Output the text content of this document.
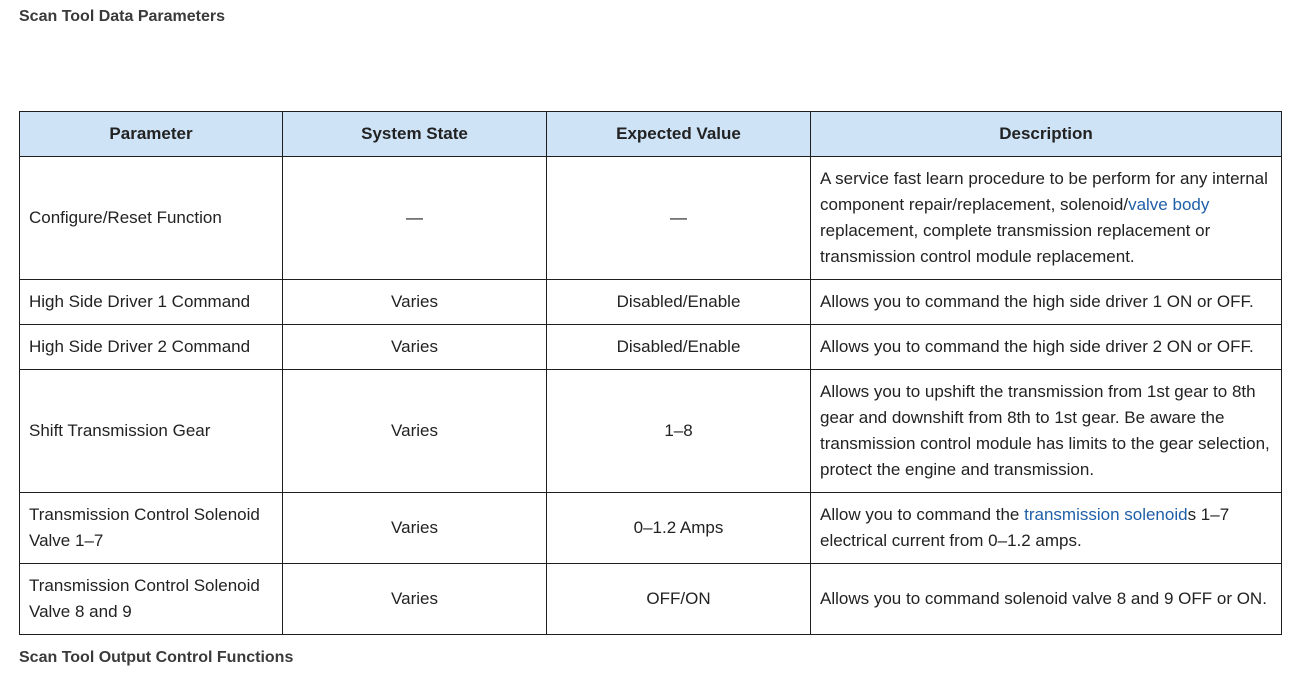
Scan Tool Data Parameters
Parameter	System State	Expected Value	Description
Configure/Reset Function	—	—	A service fast learn procedure to be perform for any internal component repair/replacement, solenoid/valve body replacement, complete transmission replacement or transmission control module replacement.
High Side Driver 1 Command	Varies	Disabled/Enable	Allows you to command the high side driver 1 ON or OFF.
High Side Driver 2 Command	Varies	Disabled/Enable	Allows you to command the high side driver 2 ON or OFF.
Shift Transmission Gear	Varies	1–8	Allows you to upshift the transmission from 1st gear to 8th gear and downshift from 8th to 1st gear. Be aware the transmission control module has limits to the gear selection, protect the engine and transmission.
Transmission Control Solenoid Valve 1–7	Varies	0–1.2 Amps	Allow you to command the transmission solenoids 1–7 electrical current from 0–1.2 amps.
Transmission Control Solenoid Valve 8 and 9	Varies	OFF/ON	Allows you to command solenoid valve 8 and 9 OFF or ON.
Scan Tool Output Control Functions
